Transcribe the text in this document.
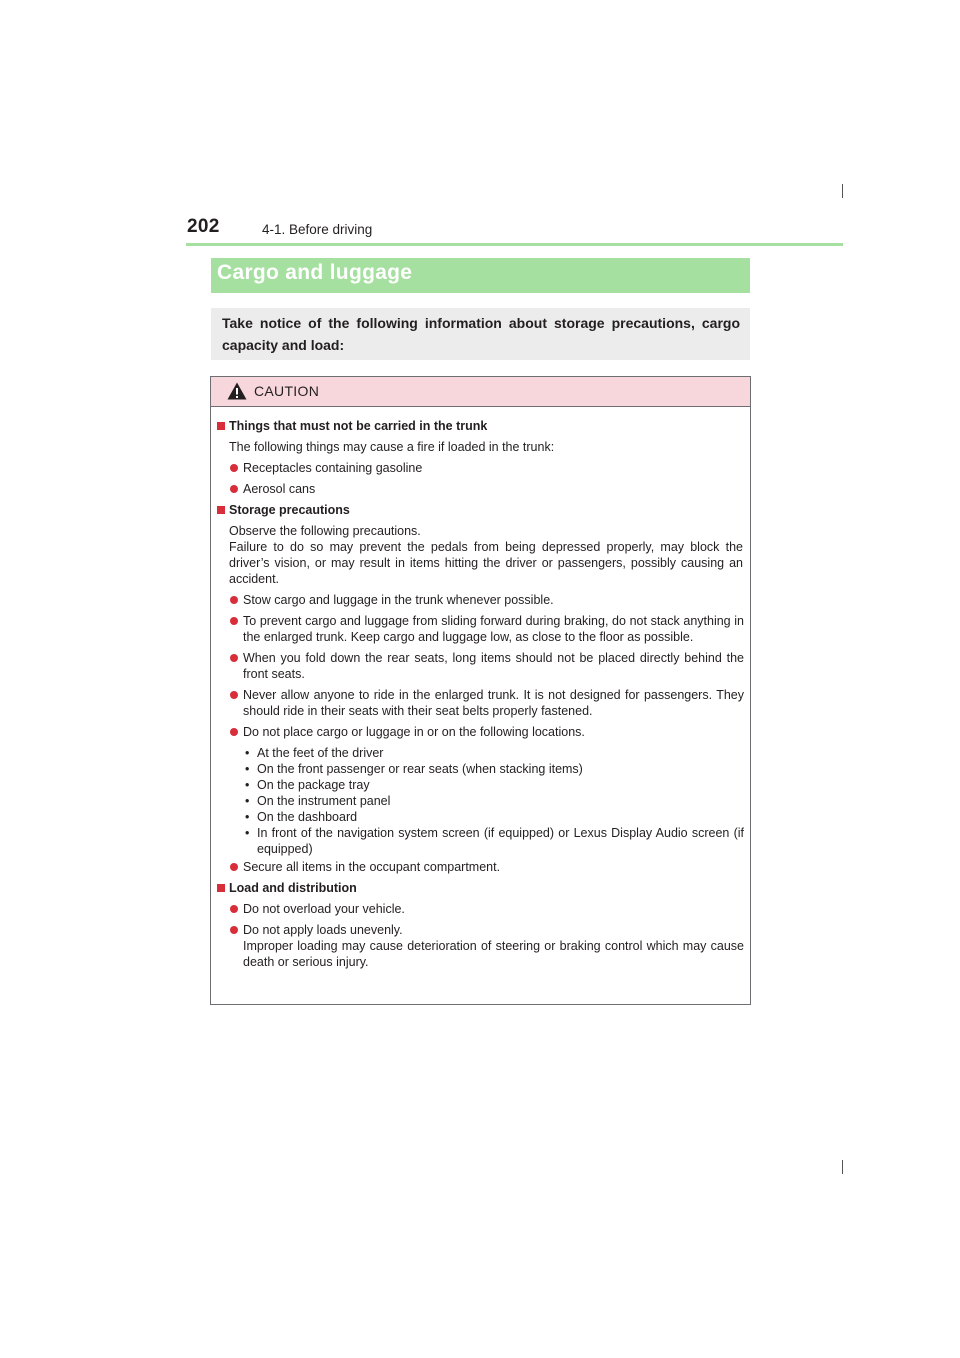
202	4-1. Before driving
Cargo and luggage

Take notice of the following information about storage precautions, cargo capacity and load:

CAUTION
Things that must not be carried in the trunk
The following things may cause a fire if loaded in the trunk:
Receptacles containing gasoline
Aerosol cans
Storage precautions
Observe the following precautions.
Failure to do so may prevent the pedals from being depressed properly, may block the driver’s vision, or may result in items hitting the driver or passengers, possibly causing an accident.
Stow cargo and luggage in the trunk whenever possible.
To prevent cargo and luggage from sliding forward during braking, do not stack anything in the enlarged trunk. Keep cargo and luggage low, as close to the floor as possible.
When you fold down the rear seats, long items should not be placed directly behind the front seats.
Never allow anyone to ride in the enlarged trunk. It is not designed for passengers. They should ride in their seats with their seat belts properly fastened.
Do not place cargo or luggage in or on the following locations.
• At the feet of the driver
• On the front passenger or rear seats (when stacking items)
• On the package tray
• On the instrument panel
• On the dashboard
• In front of the navigation system screen (if equipped) or Lexus Display Audio screen (if equipped)
Secure all items in the occupant compartment.
Load and distribution
Do not overload your vehicle.
Do not apply loads unevenly.
Improper loading may cause deterioration of steering or braking control which may cause death or serious injury.
